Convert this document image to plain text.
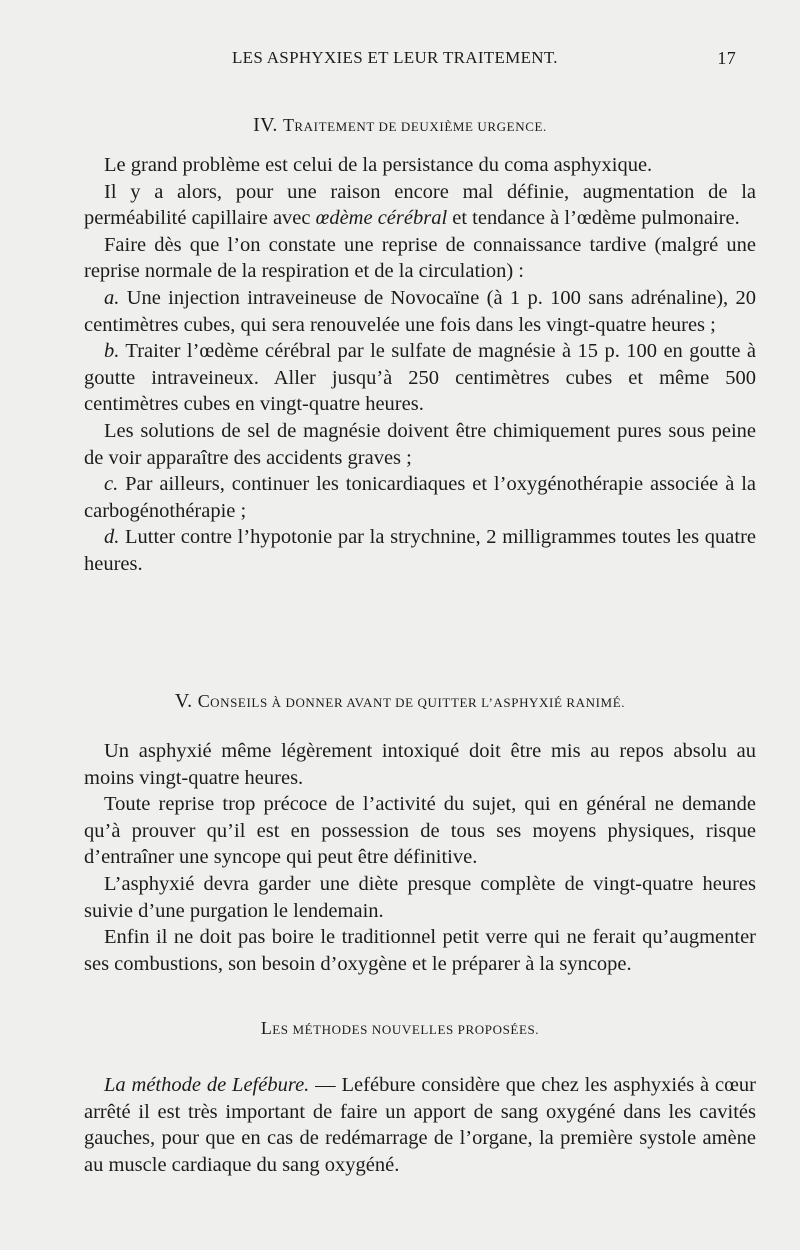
LES ASPHYXIES ET LEUR TRAITEMENT.	17
IV. TRAITEMENT DE DEUXIÈME URGENCE.

Le grand problème est celui de la persistance du coma asphyxique.

Il y a alors, pour une raison encore mal définie, augmentation de la perméabilité capillaire avec œdème cérébral et tendance à l’œdème pulmonaire.

Faire dès que l’on constate une reprise de connaissance tardive (malgré une reprise normale de la respiration et de la circulation) :

a. Une injection intraveineuse de Novocaïne (à 1 p. 100 sans adrénaline), 20 centimètres cubes, qui sera renouvelée une fois dans les vingt-quatre heures ;

b. Traiter l’œdème cérébral par le sulfate de magnésie à 15 p. 100 en goutte à goutte intraveineux. Aller jusqu’à 250 centimètres cubes et même 500 centimètres cubes en vingt-quatre heures.

Les solutions de sel de magnésie doivent être chimiquement pures sous peine de voir apparaître des accidents graves ;

c. Par ailleurs, continuer les tonicardiaques et l’oxygénothérapie associée à la carbogénothérapie ;

d. Lutter contre l’hypotonie par la strychnine, 2 milligrammes toutes les quatre heures.

V. CONSEILS À DONNER AVANT DE QUITTER L’ASPHYXIÉ RANIMÉ.

Un asphyxié même légèrement intoxiqué doit être mis au repos absolu au moins vingt-quatre heures.

Toute reprise trop précoce de l’activité du sujet, qui en général ne demande qu’à prouver qu’il est en possession de tous ses moyens physiques, risque d’entraîner une syncope qui peut être définitive.

L’asphyxié devra garder une diète presque complète de vingt-quatre heures suivie d’une purgation le lendemain.

Enfin il ne doit pas boire le traditionnel petit verre qui ne ferait qu’augmenter ses combustions, son besoin d’oxygène et le préparer à la syncope.

LES MÉTHODES NOUVELLES PROPOSÉES.

La méthode de Lefébure. — Lefébure considère que chez les asphyxiés à cœur arrêté il est très important de faire un apport de sang oxygéné dans les cavités gauches, pour que en cas de redémarrage de l’organe, la première systole amène au muscle cardiaque du sang oxygéné.
